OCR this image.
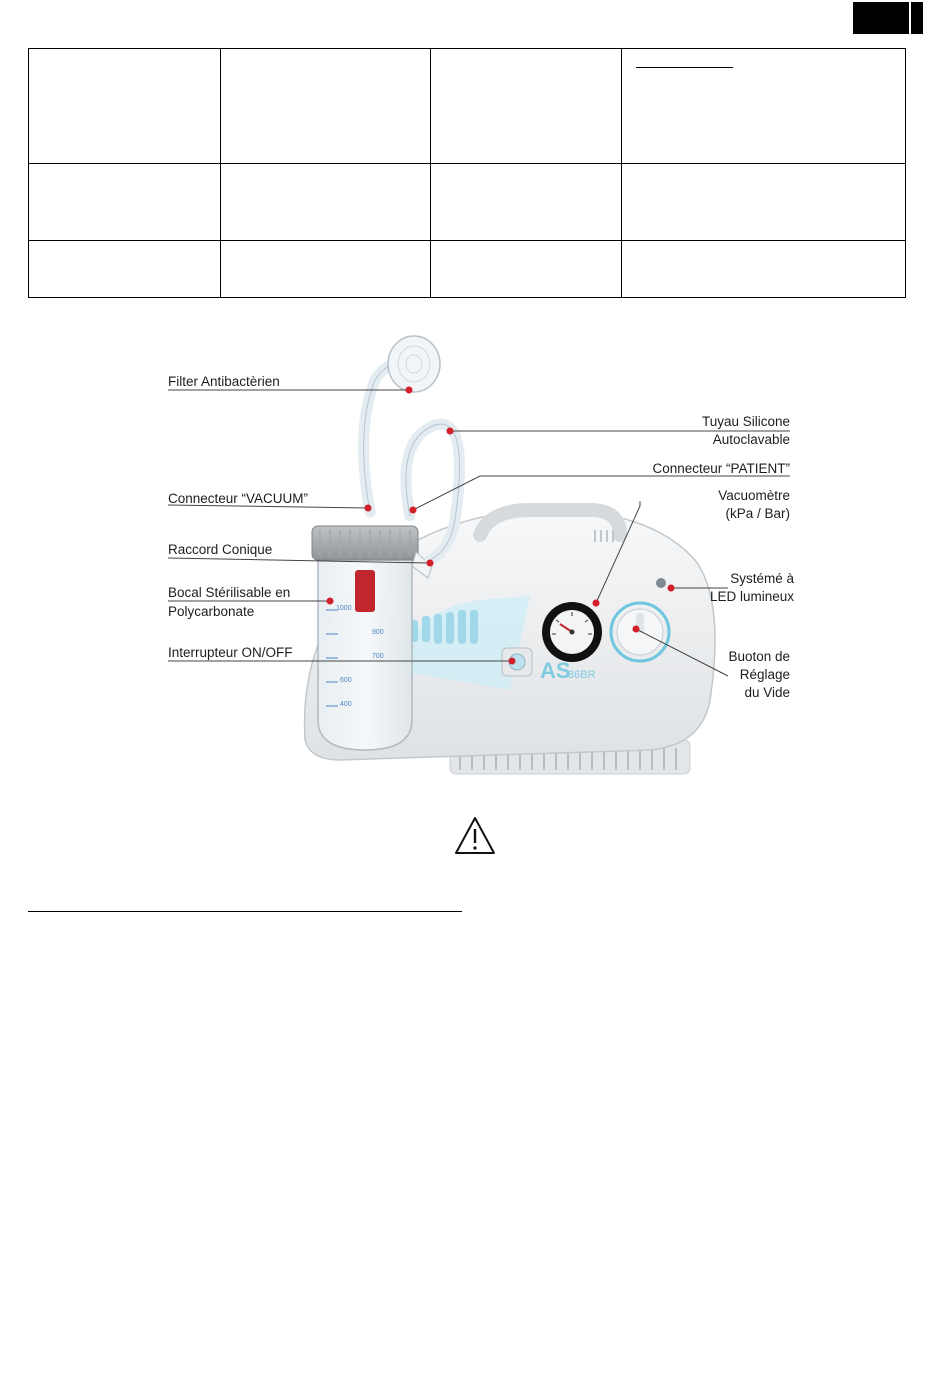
AS
36BR
1000
900
700
600
400
Filter Antibactèrien
Tuyau Silicone
Autoclavable
Connecteur “PATIENT”
Connecteur “VACUUM”	Vacuomètre
(kPa / Bar)
Raccord Conique
Bocal Stérilisable en
Polycarbonate
Systémé à
LED lumineux
Interrupteur ON/OFF	Buoton de
Réglage
du Vide
